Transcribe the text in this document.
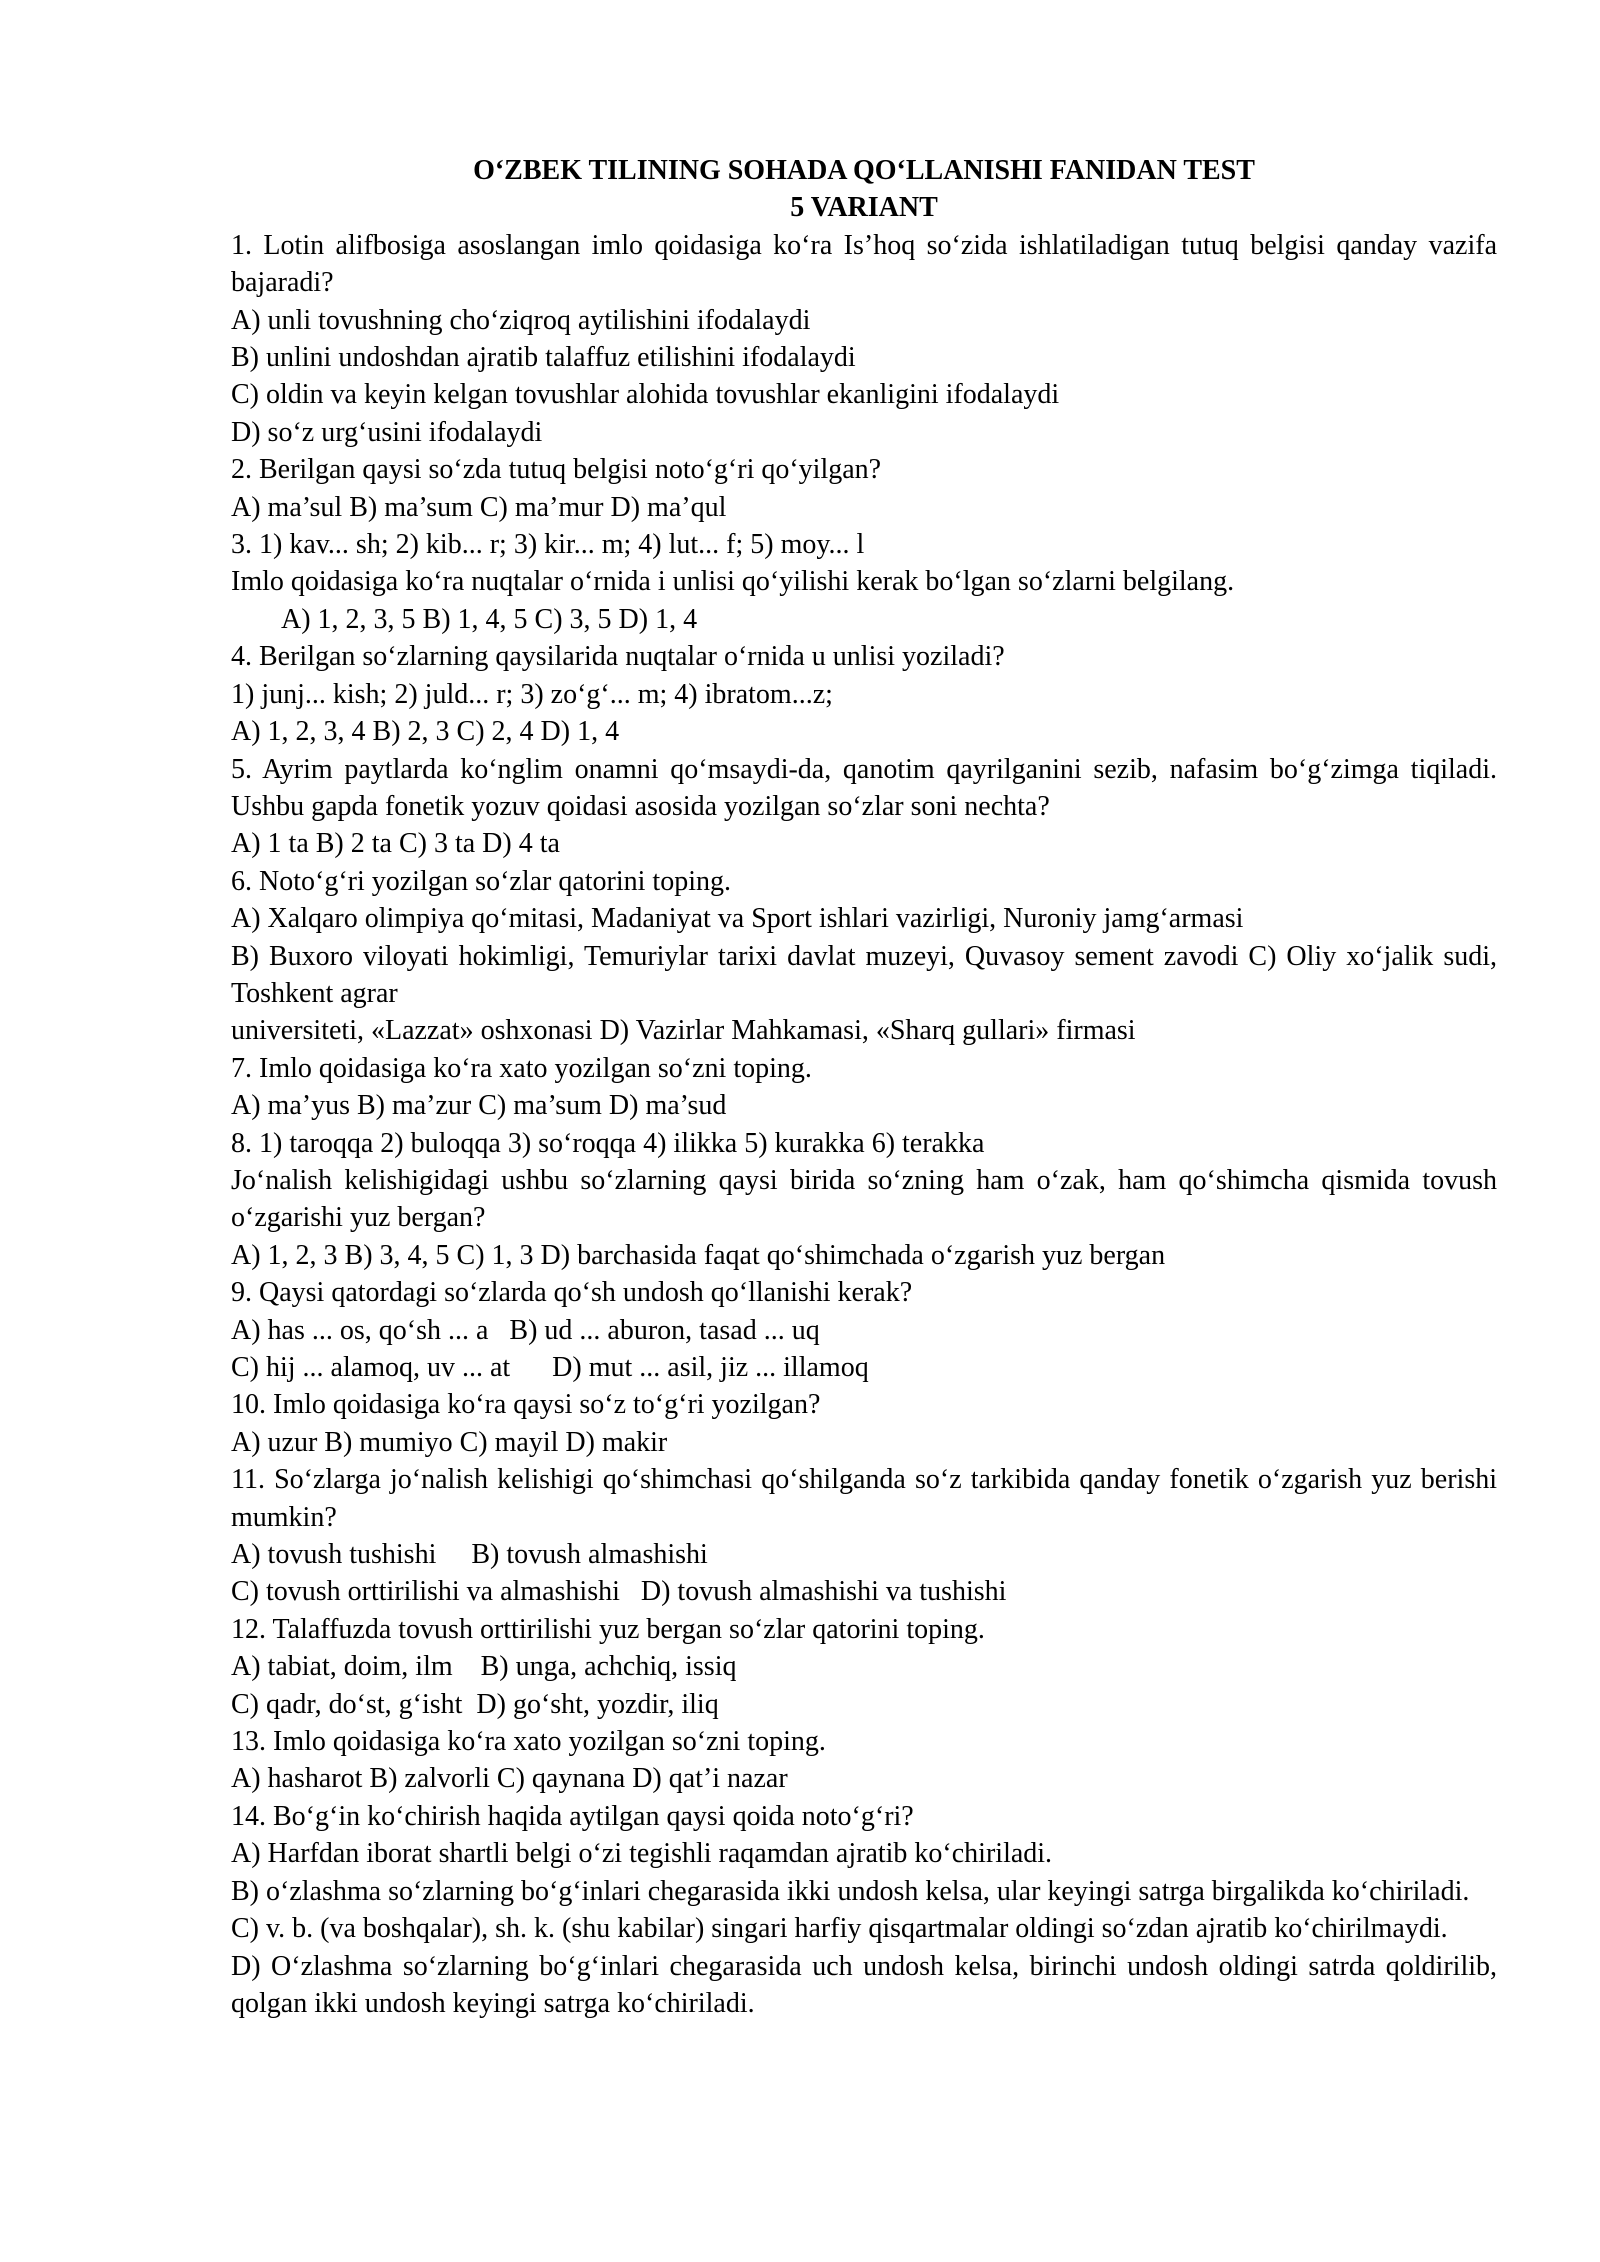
O‘ZBEK TILINING SOHADA QO‘LLANISHI FANIDAN TEST

5 VARIANT

1. Lotin alifbosiga asoslangan imlo qoidasiga ko‘ra Is’hoq so‘zida ishlatiladigan tutuq belgisi qanday vazifa bajaradi?

A) unli tovushning cho‘ziqroq aytilishini ifodalaydi

B) unlini undoshdan ajratib talaffuz etilishini ifodalaydi

C) oldin va keyin kelgan tovushlar alohida tovushlar ekanligini ifodalaydi

D) so‘z urg‘usini ifodalaydi

2. Berilgan qaysi so‘zda tutuq belgisi noto‘g‘ri qo‘yilgan?

A) ma’sul B) ma’sum C) ma’mur D) ma’qul

3. 1) kav... sh; 2) kib... r; 3) kir... m; 4) lut... f; 5) moy... l

Imlo qoidasiga ko‘ra nuqtalar o‘rnida i unlisi qo‘yilishi kerak bo‘lgan so‘zlarni belgilang.

A) 1, 2, 3, 5 B) 1, 4, 5 C) 3, 5 D) 1, 4

4. Berilgan so‘zlarning qaysilarida nuqtalar o‘rnida u unlisi yoziladi?

1) junj... kish; 2) juld... r; 3) zo‘g‘... m; 4) ibratom...z;

A) 1, 2, 3, 4 B) 2, 3 C) 2, 4 D) 1, 4

5. Ayrim paytlarda ko‘nglim onamni qo‘msaydi-da, qanotim qayrilganini sezib, nafasim bo‘g‘zimga tiqiladi. Ushbu gapda fonetik yozuv qoidasi asosida yozilgan so‘zlar soni nechta?

A) 1 ta B) 2 ta C) 3 ta D) 4 ta

6. Noto‘g‘ri yozilgan so‘zlar qatorini toping.

A) Xalqaro olimpiya qo‘mitasi, Madaniyat va Sport ishlari vazirligi, Nuroniy jamg‘armasi

B) Buxoro viloyati hokimligi, Temuriylar tarixi davlat muzeyi, Quvasoy sement zavodi C) Oliy xo‘jalik sudi, Toshkent agrar

universiteti, «Lazzat» oshxonasi D) Vazirlar Mahkamasi, «Sharq gullari» firmasi

7. Imlo qoidasiga ko‘ra xato yozilgan so‘zni toping.

A) ma’yus B) ma’zur C) ma’sum D) ma’sud

8. 1) taroqqa 2) buloqqa 3) so‘roqqa 4) ilikka 5) kurakka 6) terakka

Jo‘nalish kelishigidagi ushbu so‘zlarning qaysi birida so‘zning ham o‘zak, ham qo‘shimcha qismida tovush o‘zgarishi yuz bergan?

A) 1, 2, 3 B) 3, 4, 5 C) 1, 3 D) barchasida faqat qo‘shimchada o‘zgarish yuz bergan

9. Qaysi qatordagi so‘zlarda qo‘sh undosh qo‘llanishi kerak?

A) has ... os, qo‘sh ... a   B) ud ... aburon, tasad ... uq

C) hij ... alamoq, uv ... at      D) mut ... asil, jiz ... illamoq

10. Imlo qoidasiga ko‘ra qaysi so‘z to‘g‘ri yozilgan?

A) uzur B) mumiyo C) mayil D) makir

11. So‘zlarga jo‘nalish kelishigi qo‘shimchasi qo‘shilganda so‘z tarkibida qanday fonetik o‘zgarish yuz berishi mumkin?

A) tovush tushishi     B) tovush almashishi

C) tovush orttirilishi va almashishi   D) tovush almashishi va tushishi

12. Talaffuzda tovush orttirilishi yuz bergan so‘zlar qatorini toping.

A) tabiat, doim, ilm    B) unga, achchiq, issiq

C) qadr, do‘st, g‘isht  D) go‘sht, yozdir, iliq

13. Imlo qoidasiga ko‘ra xato yozilgan so‘zni toping.

A) hasharot B) zalvorli C) qaynana D) qat’i nazar

14. Bo‘g‘in ko‘chirish haqida aytilgan qaysi qoida noto‘g‘ri?

A) Harfdan iborat shartli belgi o‘zi tegishli raqamdan ajratib ko‘chiriladi.

B) o‘zlashma so‘zlarning bo‘g‘inlari chegarasida ikki undosh kelsa, ular keyingi satrga birgalikda ko‘chiriladi.

C) v. b. (va boshqalar), sh. k. (shu kabilar) singari harfiy qisqartmalar oldingi so‘zdan ajratib ko‘chirilmaydi.

D) O‘zlashma so‘zlarning bo‘g‘inlari chegarasida uch undosh kelsa, birinchi undosh oldingi satrda qoldirilib, qolgan ikki undosh keyingi satrga ko‘chiriladi.
